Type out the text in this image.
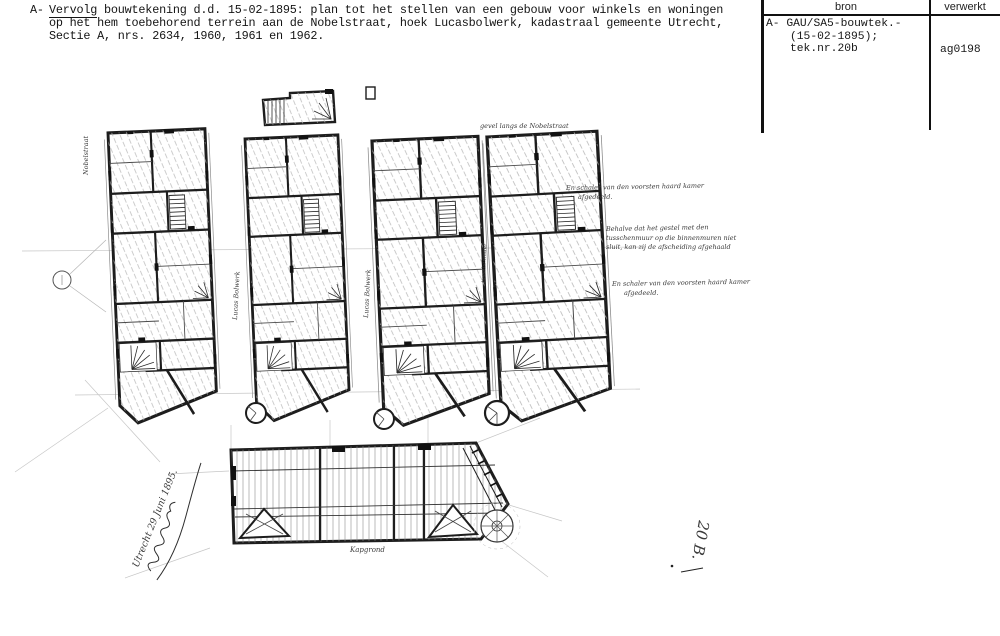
A- Vervolg bouwtekening d.d. 15-02-1895: plan tot het stellen van een gebouw voor winkels en woningen
op het hem toebehorend terrein aan de Nobelstraat, hoek Lucasbolwerk, kadastraal gemeente Utrecht,
Sectie A, nrs. 2634, 1960, 1961 en 1962.
bron	verwerkt
A- GAU/SA5-bouwtek.-
(15-02-1895);
tek.nr.20b	ag0198
gevel langs de Nobelstraat
Nobelstraat
Lucas Bolwerk	Lucas Bolwerk
tusschenmuur
En schaler van den voorsten haard kamer
afgedeeld.
Behalve dat het gestel met den
tusschenmuur op die binnenmuren niet
sluit, kan zij de afscheiding afgehaald
En schaler van den voorsten haard kamer
afgedeeld.
Kapgrond
Utrecht 29 Juni 1895.	20 B.
